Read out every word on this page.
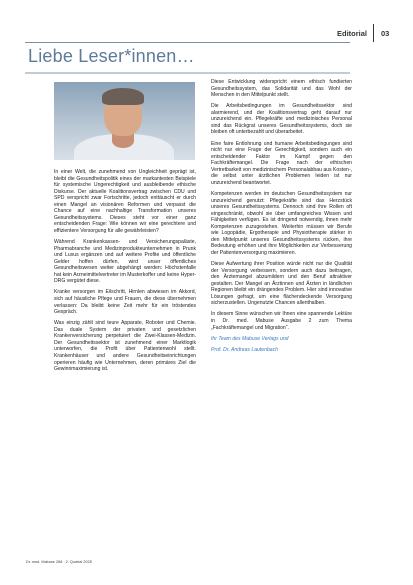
Editorial 03
Liebe Leser*innen…

In einer Welt, die zunehmend von Ungleichheit geprägt ist, bleibt die Gesundheitspolitik eines der markantesten Beispiele für systemische Ungerechtigkeit und ausbleibende ethische Diskurse. Der aktuelle Koalitionsvertrag zwischen CDU und SPD verspricht zwar Fortschritte, jedoch enttäuscht er durch einen Mangel an visionären Reformen und verpasst die Chance auf eine nachhaltige Transformation unseres Gesundheitssystems. Dieses steht vor einer ganz entscheidenden Frage: Wie können wir eine gerechtere und effizientere Versorgung für alle gewährleisten?

Während Krankenkassen- und Versicherungspaläste, Pharmabranche und Medizinprodukteunternehmen in Prunk und Luxus ergänzen und auf weitere Profite und öffentliche Gelder hoffen dürfen, wird unser öffentliches Gesundheitswesen weiter abgehängt werden: Höchstenfalle hat kein Arzneimittelvertreter im Musterkoffer und keine Hyper-DRG vergütet diese.

Kranke versorgen im Eilschritt, Hirnlen abwiesen im Akkord, sich auf häusliche Pflege und Frauen, die diese übernehmen verlassen: Da bleibt keine Zeit mehr für ein tröstendes Gespräch.

Was einzig zählt sind teure Apparate, Roboter und Chemie. Das duale System der privaten und gesetzlichen Krankenversicherung perpetuiert die Zwei-Klassen-Medizin. Der Gesundheitssektor ist zunehmend einer Marktlogik unterworfen, die Profit über Patientenwohl stellt. Krankenhäuser und andere Gesundheitseinrichtungen operieren häufig wie Unternehmen, deren primäres Ziel die Gewinnmaximierung ist.

Diese Entwicklung widerspricht einem ethisch fundierten Gesundheitssystem, das Solidarität und das Wohl der Menschen in den Mittelpunkt stellt.

Die Arbeitsbedingungen im Gesundheitssektor sind alarmierend, und der Koalitionsvertrag geht darauf nur unzureichend ein. Pflegekräfte und medizinisches Personal sind das Rückgrat unseres Gesundheitssystems, doch sie bleiben oft unterbezahlt und überarbeitet.

Eine faire Entlohnung und humane Arbeitsbedingungen sind nicht nur eine Frage der Gerechtigkeit, sondern auch ein entscheidender Faktor im Kampf gegen den Fachkräftemangel. Die Frage nach der ethischen Vertretbarkeit von medizinischem Personalabbau aus Kosten-, die selbst unter ärztlichen Problemen leiden ist nur unzureichend beantwortet.

Kompetenzen werden im deutschen Gesundheitssystem nur unzureichend genutzt: Pflegekräfte sind das Herzstück unseres Gesundheitssystems. Dennoch sind ihre Rollen oft eingeschränkt, obwohl sie über umfangreiches Wissen und Fähigkeiten verfügen. Es ist dringend notwendig, ihnen mehr Kompetenzen zuzugestehen. Weiterhin müssen wir Berufe wie Logopädie, Ergotherapie und Physiotherapie stärker in den Mittelpunkt unseres Gesundheitssystems rücken, ihre Bedeutung erhöhen und ihre Möglichkeiten zur Verbesserung der Patientenversorgung maximieren.

Diese Aufwertung ihrer Position würde nicht nur die Qualität der Versorgung verbessern, sondern auch dazu beitragen, den Ärztemangel abzumildern und den Beruf attraktiver gestalten. Der Mangel an Ärztinnen und Ärzten in ländlichen Regionen bleibt ein drängendes Problem. Hier sind innovative Lösungen gefragt, um eine flächendeckende Versorgung sicherzustellen. Ungenutzte Chancen allenthalben.

In diesem Sinne wünschen wir Ihnen eine spannende Lektüre in Dr. med. Mabuse Ausgabe 2 zum Thema „Fachkräftemangel und Migration“.

Ihr Team des Mabuse Verlags und

Prof. Dr. Andreas Lautenbach

Dr. med. Mabuse 268 · 2. Quartal 2025
